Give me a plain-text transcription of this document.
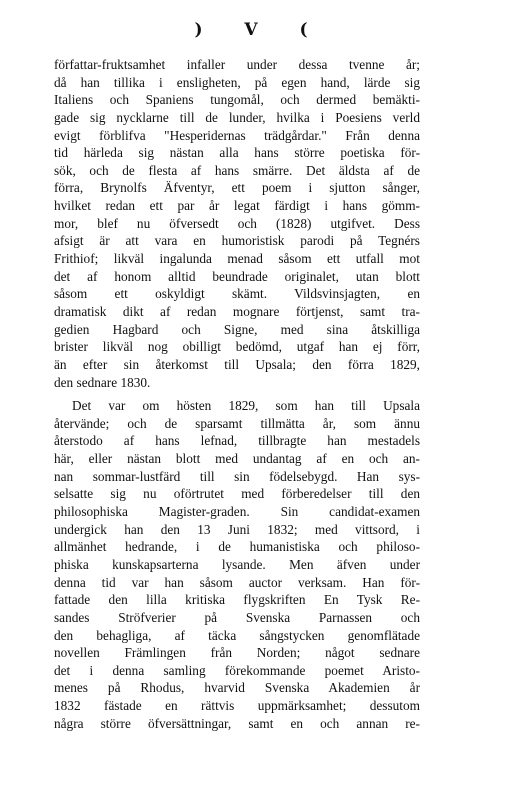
) V (
författar-fruktsamhet infaller under dessa tvenne år;
då han tillika i ensligheten, på egen hand, lärde sig
Italiens och Spaniens tungomål, och dermed bemäkti-
gade sig nycklarne till de lunder, hvilka i Poesiens verld
evigt förblifva "Hesperidernas trädgårdar." Från denna
tid härleda sig nästan alla hans större poetiska för-
sök, och de flesta af hans smärre. Det äldsta af de
förra, Brynolfs Äfventyr, ett poem i sjutton sånger,
hvilket redan ett par år legat färdigt i hans gömm-
mor, blef nu öfversedt och (1828) utgifvet. Dess
afsigt är att vara en humoristisk parodi på Tegnérs
Frithiof; likväl ingalunda menad såsom ett utfall mot
det af honom alltid beundrade originalet, utan blott
såsom ett oskyldigt skämt. Vildsvinsjagten, en
dramatisk dikt af redan mognare förtjenst, samt tra-
gedien Hagbard och Signe, med sina åtskilliga
brister likväl nog obilligt bedömd, utgaf han ej förr,
än efter sin återkomst till Upsala; den förra 1829,
den sednare 1830.
Det var om hösten 1829, som han till Upsala
återvände; och de sparsamt tillmätta år, som ännu
återstodo af hans lefnad, tillbragte han mestadels
här, eller nästan blott med undantag af en och an-
nan sommar-lustfärd till sin födelsebygd. Han sys-
selsatte sig nu oförtrutet med förberedelser till den
philosophiska Magister-graden. Sin candidat-examen
undergick han den 13 Juni 1832; med vittsord, i
allmänhet hedrande, i de humanistiska och philoso-
phiska kunskapsarterna lysande. Men äfven under
denna tid var han såsom auctor verksam. Han för-
fattade den lilla kritiska flygskriften En Tysk Re-
sandes Ströfverier på Svenska Parnassen och
den behagliga, af täcka sångstycken genomflätade
novellen Främlingen från Norden; något sednare
det i denna samling förekommande poemet Aristo-
menes på Rhodus, hvarvid Svenska Akademien år
1832 fästade en rättvis uppmärksamhet; dessutom
några större öfversättningar, samt en och annan re-
